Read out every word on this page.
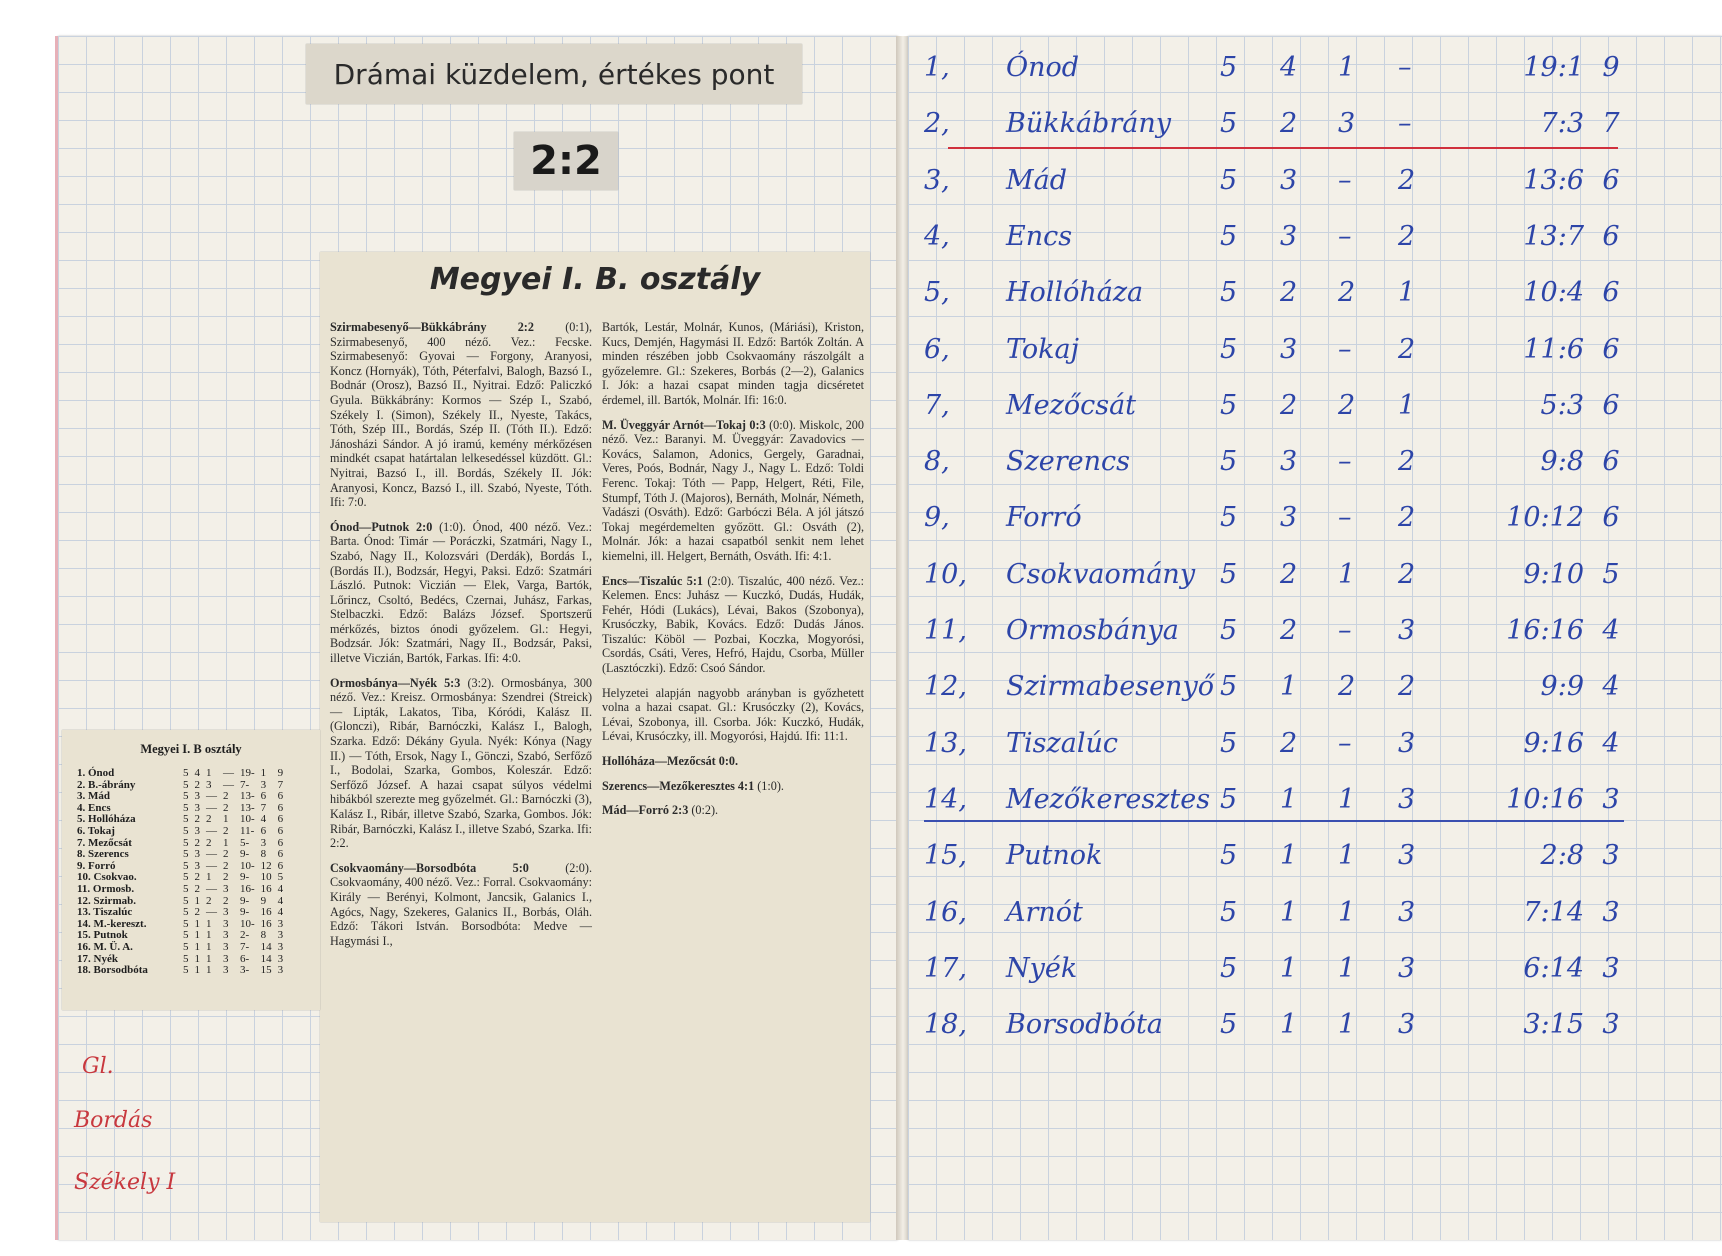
Drámai küzdelem, értékes pont
2:2
Megyei I. B. osztály

Szirmabesenyő—Bükkábrány 2:2	(0:1), Szirmabesenyő, 400 néző. Vez.: Fecske. Szirmabesenyő: Gyovai — Forgony, Aranyosi, Koncz (Hornyák), Tóth, Péterfalvi, Balogh, Bazsó I., Bodnár (Orosz), Bazsó II., Nyitrai. Edző: Paliczkó Gyula. Bükkábrány: Kormos — Szép I., Szabó, Székely I. (Simon), Székely II., Nyeste, Takács, Tóth, Szép III., Bordás, Szép II. (Tóth II.). Edző: Jánosházi Sándor. A jó iramú, kemény mérkőzésen mindkét csapat határtalan lelkesedéssel küzdött. Gl.: Nyitrai, Bazsó I., ill. Bordás, Székely II. Jók: Aranyosi, Koncz, Bazsó I., ill. Szabó, Nyeste, Tóth. Ifi: 7:0.

Ónod—Putnok 2:0 (1:0). Ónod, 400 néző. Vez.: Barta. Ónod: Timár — Poráczki, Szatmári, Nagy I., Szabó, Nagy II., Kolozsvári (Derdák), Bordás I., (Bordás II.), Bodzsár, Hegyi, Paksi. Edző: Szatmári László. Putnok: Viczián — Elek, Varga, Bartók, Lőrincz, Csoltó, Bedécs, Czernai, Juhász, Farkas, Stelbaczki. Edző: Balázs József. Sportszerű mérkőzés, biztos ónodi győzelem. Gl.: Hegyi, Bodzsár. Jók: Szatmári, Nagy II., Bodzsár, Paksi, illetve Viczián, Bartók, Farkas. Ifi: 4:0.

Ormosbánya—Nyék 5:3 (3:2). Ormosbánya, 300 néző. Vez.: Kreisz. Ormosbánya: Szendrei (Streick) — Lipták, Lakatos, Tiba, Kóródi, Kalász II. (Glonczi), Ribár, Barnóczki, Kalász I., Balogh, Szarka. Edző: Dékány Gyula. Nyék: Kónya (Nagy II.) — Tóth, Ersok, Nagy I., Gönczi, Szabó, Serfőző I., Bodolai, Szarka, Gombos, Koleszár. Edző: Serfőző József. A hazai csapat súlyos védelmi hibákból szerezte meg győzelmét. Gl.: Barnóczki (3), Kalász I., Ribár, illetve Szabó, Szarka, Gombos. Jók: Ribár, Barnóczki, Kalász I., illetve Szabó, Szarka. Ifi: 2:2.

Csokvaomány—Borsodbóta 5:0	(2:0). Csokvaomány, 400 néző. Vez.: Forral. Csokvaomány: Király — Berényi, Kolmont, Jancsik, Galanics I., Agócs, Nagy, Szekeres, Galanics II., Borbás, Oláh. Edző: Tákori István. Borsodbóta: Medve — Hagymási I.,

Bartók, Lestár, Molnár, Kunos, (Máriási), Kriston, Kucs, Demjén, Hagymási II. Edző: Bartók Zoltán. A minden részében jobb Csokvaomány rászolgált a győzelemre. Gl.: Szekeres, Borbás (2—2), Galanics I. Jók: a hazai csapat minden tagja dicséretet érdemel, ill. Bartók, Molnár. Ifi: 16:0.

M. Üveggyár Arnót—Tokaj 0:3 (0:0). Miskolc, 200 néző. Vez.: Baranyi. M. Üveggyár: Zavadovics — Kovács, Salamon, Adonics, Gergely, Garadnai, Veres, Poós, Bodnár, Nagy J., Nagy L. Edző: Toldi Ferenc. Tokaj: Tóth — Papp, Helgert, Réti, File, Stumpf, Tóth J. (Majoros), Bernáth, Molnár, Németh, Vadászi (Osváth). Edző: Garbóczi Béla. A jól játszó Tokaj megérdemelten győzött. Gl.: Osváth (2), Molnár. Jók: a hazai csapatból senkit nem lehet kiemelni, ill. Helgert, Bernáth, Osváth. Ifi: 4:1.

Encs—Tiszalúc 5:1 (2:0). Tiszalúc, 400 néző. Vez.: Kelemen. Encs: Juhász — Kuczkó, Dudás, Hudák, Fehér, Hódi (Lukács), Lévai, Bakos (Szobonya), Krusóczky, Babik, Kovács. Edző: Dudás János. Tiszalúc: Köböl — Pozbai, Koczka, Mogyorósi, Csordás, Csáti, Veres, Hefró, Hajdu, Csorba, Müller (Lasztóczki). Edző: Csoó Sándor.

Helyzetei alapján nagyobb arányban is győzhetett volna a hazai csapat. Gl.: Krusóczky (2), Kovács, Lévai, Szobonya, ill. Csorba. Jók: Kuczkó, Hudák, Lévai, Krusóczky, ill. Mogyorósi, Hajdú. Ifi: 11:1.

Hollóháza—Mezőcsát 0:0.

Szerencs—Mezőkeresztes 4:1 (1:0).

Mád—Forró 2:3 (0:2).

Megyei I. B osztály
1. Ónod	5	4	1	—	19-	1	9
2. B.-ábrány	5	2	3	—	7-	3	7
3. Mád	5	3	—	2	13-	6	6
4. Encs	5	3	—	2	13-	7	6
5. Hollóháza	5	2	2	1	10-	4	6
6. Tokaj	5	3	—	2	11-	6	6
7. Mezőcsát	5	2	2	1	5-	3	6
8. Szerencs	5	3	—	2	9-	8	6
9. Forró	5	3	—	2	10-	12	6
10. Csokvao.	5	2	1	2	9-	10	5
11. Ormosb.	5	2	—	3	16-	16	4
12. Szirmab.	5	1	2	2	9-	9	4
13. Tiszalúc	5	2	—	3	9-	16	4
14. M.-kereszt.	5	1	1	3	10-	16	3
15. Putnok	5	1	1	3	2-	8	3
16. M. Ü. A.	5	1	1	3	7-	14	3
17. Nyék	5	1	1	3	6-	14	3
18. Borsodbóta	5	1	1	3	3-	15	3
Gl.
Bordás
Székely I
1, Ónod	5 4 1 –	19:1 9
2, Bükkábrány 5 2 3 –	7:3 7
3, Mád	5 3 – 2	13:6 6
4, Encs	5 3 – 2	13:7 6
5, Hollóháza	5 2 2 1	10:4 6
6, Tokaj	5 3 – 2	11:6 6
7, Mezőcsát	5 2 2 1	5:3 6
8, Szerencs	5 3 – 2	9:8 6
9, Forró	5 3 – 2	10:12 6
10, Csokvaomány 5 2 1 2	9:10 5
11, Ormosbánya 5 2 – 3	16:16 4
12, Szirmabesenyő 5 1 2 2	9:9 4
13, Tiszalúc	5 2 – 3	9:16 4
14, Mezőkeresztes 5 1 1 3	10:16 3
15, Putnok	5 1 1 3	2:8 3
16, Arnót	5 1 1 3	7:14 3
17, Nyék	5 1 1 3	6:14 3
18, Borsodbóta 5 1 1 3	3:15 3
